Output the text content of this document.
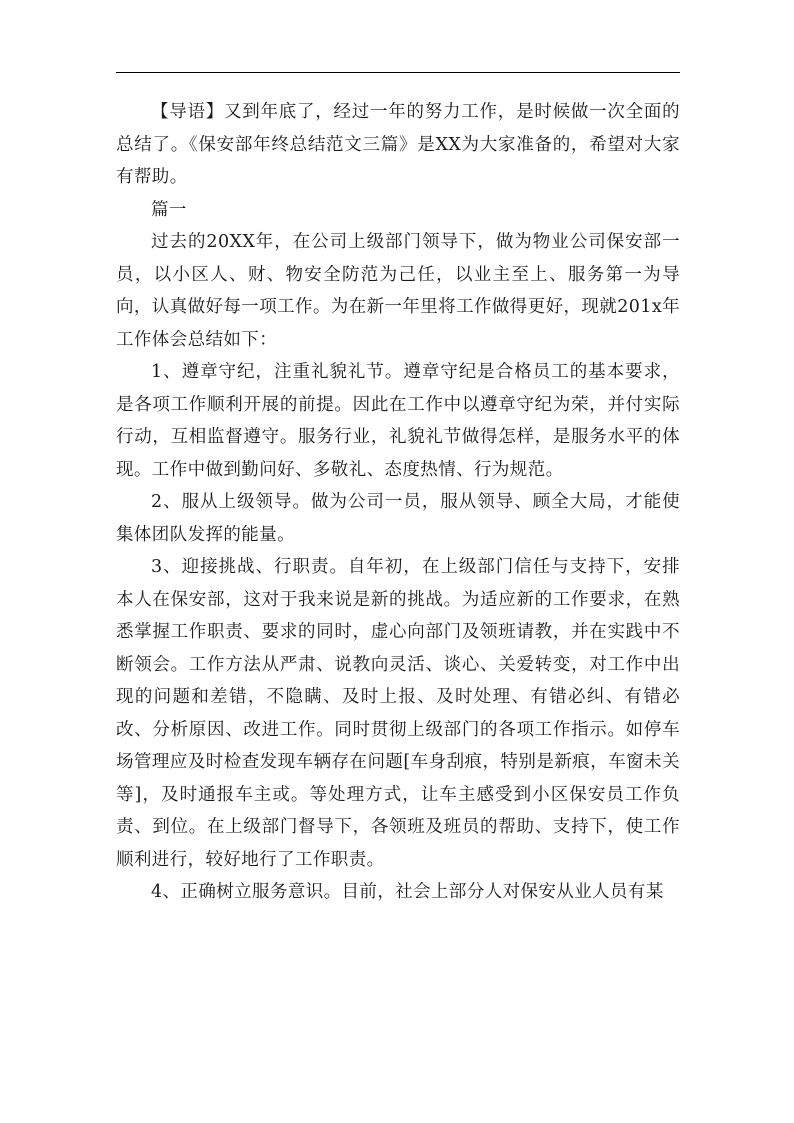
【导语】又到年底了，经过一年的努力工作，是时候做一次全面的总结了。《保安部年终总结范文三篇》是XX为大家准备的，希望对大家有帮助。

篇一

过去的20XX年，在公司上级部门领导下，做为物业公司保安部一员，以小区人、财、物安全防范为己任，以业主至上、服务第一为导向，认真做好每一项工作。为在新一年里将工作做得更好，现就201x年工作体会总结如下：

1、遵章守纪，注重礼貌礼节。遵章守纪是合格员工的基本要求，是各项工作顺利开展的前提。因此在工作中以遵章守纪为荣，并付实际行动，互相监督遵守。服务行业，礼貌礼节做得怎样，是服务水平的体现。工作中做到勤问好、多敬礼、态度热情、行为规范。

2、服从上级领导。做为公司一员，服从领导、顾全大局，才能使集体团队发挥的能量。

3、迎接挑战、行职责。自年初，在上级部门信任与支持下，安排本人在保安部，这对于我来说是新的挑战。为适应新的工作要求，在熟悉掌握工作职责、要求的同时，虚心向部门及领班请教，并在实践中不断领会。工作方法从严肃、说教向灵活、谈心、关爱转变，对工作中出现的问题和差错，不隐瞒、及时上报、及时处理、有错必纠、有错必改、分析原因、改进工作。同时贯彻上级部门的各项工作指示。如停车场管理应及时检查发现车辆存在问题[车身刮痕，特别是新痕，车窗未关等]，及时通报车主或。等处理方式，让车主感受到小区保安员工作负责、到位。在上级部门督导下，各领班及班员的帮助、支持下，使工作顺利进行，较好地行了工作职责。

4、正确树立服务意识。目前，社会上部分人对保安从业人员有某
